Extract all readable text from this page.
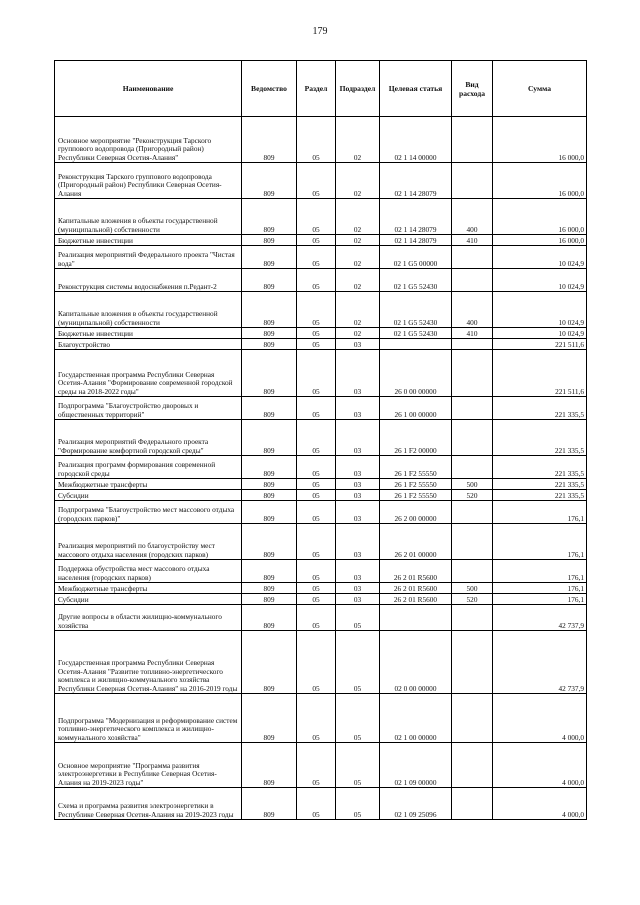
179
Наименование	Ведомство	Раздел	Подраздел	Целевая статья	Вид расхода	Сумма
Основное мероприятие "Реконструкция Тарского группового водопровода (Пригородный район) Республики Северная Осетия-Алания"	809	05	02	02 1 14 00000		16 000,0
Реконструкция Тарского группового водопровода (Пригородный район) Республики Северная Осетия-Алания	809	05	02	02 1 14 28079		16 000,0
Капитальные вложения в объекты государственной (муниципальной) собственности	809	05	02	02 1 14 28079	400	16 000,0
Бюджетные инвестиции	809	05	02	02 1 14 28079	410	16 000,0
Реализация мероприятий Федерального проекта "Чистая вода"	809	05	02	02 1 G5 00000		10 024,9
Реконструкция системы водоснабжения п.Редант-2	809	05	02	02 1 G5 52430		10 024,9
Капитальные вложения в объекты государственной (муниципальной) собственности	809	05	02	02 1 G5 52430	400	10 024,9
Бюджетные инвестиции	809	05	02	02 1 G5 52430	410	10 024,9
Благоустройство	809	05	03			221 511,6
Государственная программа Республики Северная Осетия-Алания "Формирование современной городской среды на 2018-2022 годы"	809	05	03	26 0 00 00000		221 511,6
Подпрограмма "Благоустройство дворовых и общественных территорий"	809	05	03	26 1 00 00000		221 335,5
Реализация мероприятий Федерального проекта "Формирование комфортной городской среды"	809	05	03	26 1 F2 00000		221 335,5
Реализация программ формирования современной городской среды	809	05	03	26 1 F2 55550		221 335,5
Межбюджетные трансферты	809	05	03	26 1 F2 55550	500	221 335,5
Субсидии	809	05	03	26 1 F2 55550	520	221 335,5
Подпрограмма "Благоустройство мест массового отдыха (городских парков)"	809	05	03	26 2 00 00000		176,1
Реализация мероприятий по благоустройству мест массового отдыха населения (городских парков)	809	05	03	26 2 01 00000		176,1
Поддержка обустройства мест массового отдыха населения (городских парков)	809	05	03	26 2 01 R5600		176,1
Межбюджетные трансферты	809	05	03	26 2 01 R5600	500	176,1
Субсидии	809	05	03	26 2 01 R5600	520	176,1
Другие вопросы в области жилищно-коммунального хозяйства	809	05	05			42 737,9
Государственная программа Республики Северная Осетия-Алания "Развитие топливно-энергетического комплекса и жилищно-коммунального хозяйства Республики Северная Осетия-Алания" на 2016-2019 годы	809	05	05	02 0 00 00000		42 737,9
Подпрограмма "Модернизация и реформирование систем топливно-энергетического комплекса и жилищно-коммунального хозяйства"	809	05	05	02 1 00 00000		4 000,0
Основное мероприятие "Программа развития электроэнергетики в Республике Северная Осетия-Алания на 2019-2023 годы"	809	05	05	02 1 09 00000		4 000,0
Схема и программа развития электроэнергетики в Республике Северная Осетия-Алания на 2019-2023 годы	809	05	05	02 1 09 25096		4 000,0
